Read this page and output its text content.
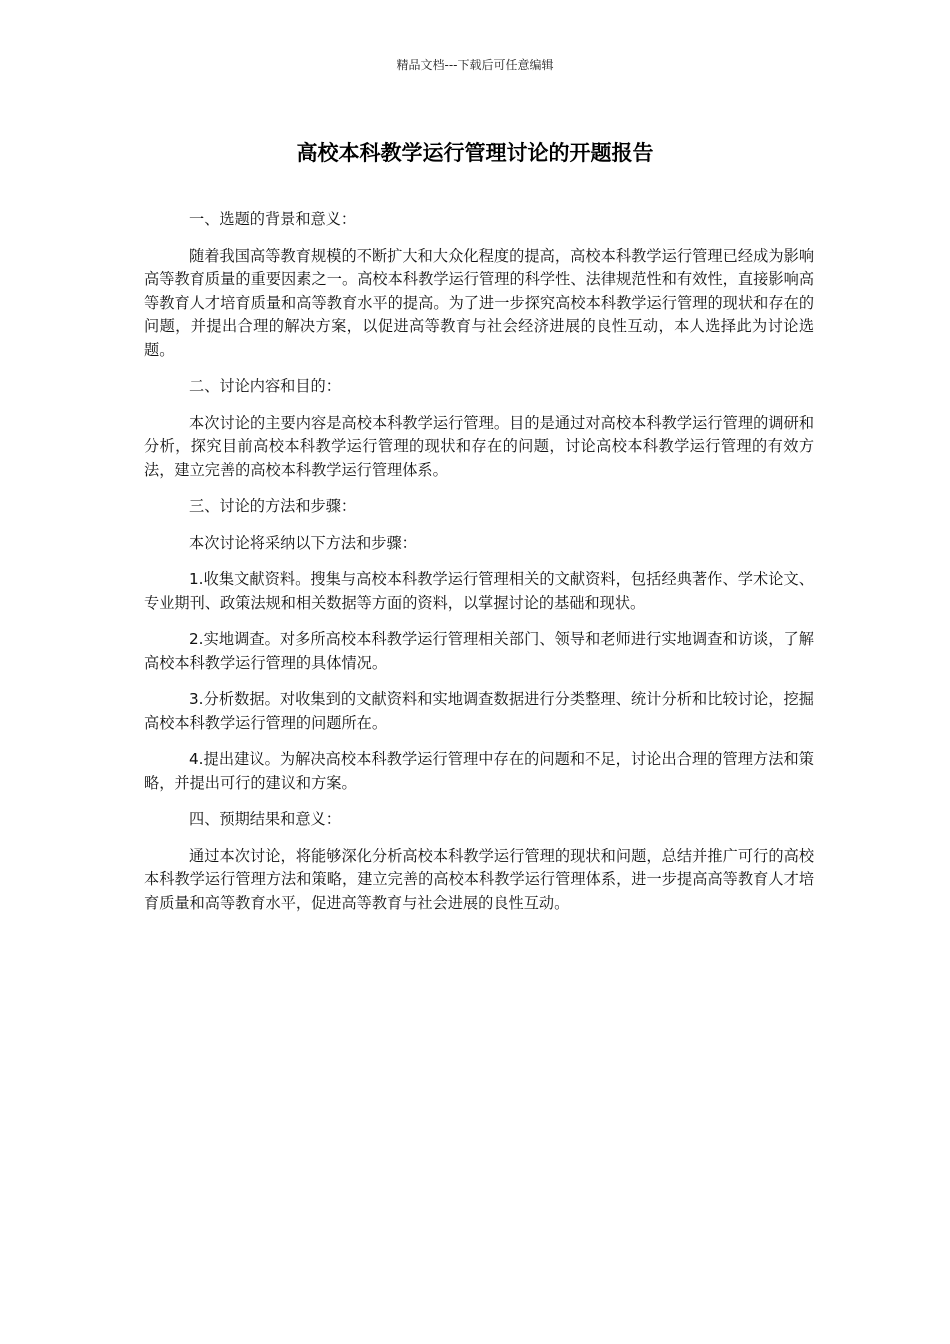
精品文档---下载后可任意编辑
高校本科教学运行管理讨论的开题报告

一、选题的背景和意义：

随着我国高等教育规模的不断扩大和大众化程度的提高，高校本科教学运行管理已经成为影响高等教育质量的重要因素之一。高校本科教学运行管理的科学性、法律规范性和有效性，直接影响高等教育人才培育质量和高等教育水平的提高。为了进一步探究高校本科教学运行管理的现状和存在的问题，并提出合理的解决方案，以促进高等教育与社会经济进展的良性互动，本人选择此为讨论选题。

二、讨论内容和目的：

本次讨论的主要内容是高校本科教学运行管理。目的是通过对高校本科教学运行管理的调研和分析，探究目前高校本科教学运行管理的现状和存在的问题，讨论高校本科教学运行管理的有效方法，建立完善的高校本科教学运行管理体系。

三、讨论的方法和步骤：

本次讨论将采纳以下方法和步骤：

1.收集文献资料。搜集与高校本科教学运行管理相关的文献资料，包括经典著作、学术论文、专业期刊、政策法规和相关数据等方面的资料，以掌握讨论的基础和现状。

2.实地调查。对多所高校本科教学运行管理相关部门、领导和老师进行实地调查和访谈，了解高校本科教学运行管理的具体情况。

3.分析数据。对收集到的文献资料和实地调查数据进行分类整理、统计分析和比较讨论，挖掘高校本科教学运行管理的问题所在。

4.提出建议。为解决高校本科教学运行管理中存在的问题和不足，讨论出合理的管理方法和策略，并提出可行的建议和方案。

四、预期结果和意义：

通过本次讨论，将能够深化分析高校本科教学运行管理的现状和问题，总结并推广可行的高校本科教学运行管理方法和策略，建立完善的高校本科教学运行管理体系，进一步提高高等教育人才培育质量和高等教育水平，促进高等教育与社会进展的良性互动。
